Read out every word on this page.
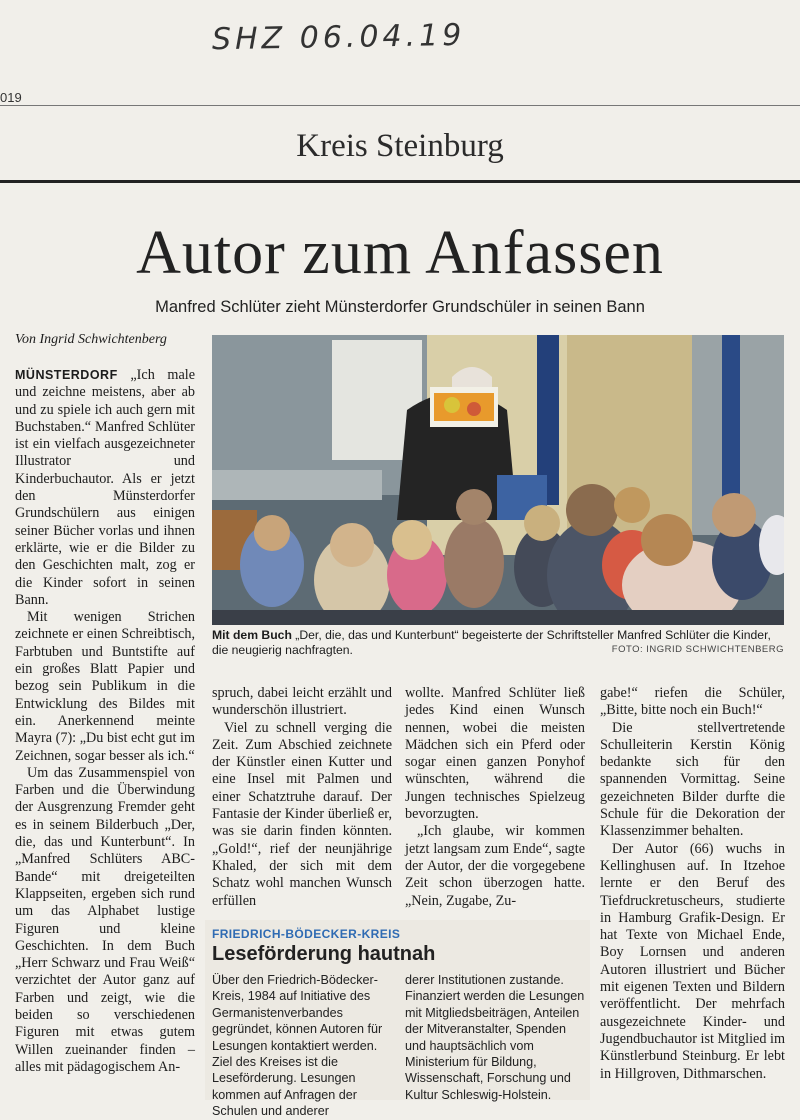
SHZ 06.04.19
019
Kreis Steinburg
Autor zum Anfassen
Manfred Schlüter zieht Münsterdorfer Grundschüler in seinen Bann
Von Ingrid Schwichtenberg

MÜNSTERDORF „Ich male und zeichne meistens, aber ab und zu spiele ich auch gern mit Buchstaben.“ Manfred Schlüter ist ein vielfach ausgezeichneter Illustrator und Kinderbuchautor. Als er jetzt den Münsterdorfer Grundschülern aus einigen seiner Bücher vorlas und ihnen erklärte, wie er die Bilder zu den Geschichten malt, zog er die Kinder sofort in seinen Bann.

Mit wenigen Strichen zeichnete er einen Schreibtisch, Farbtuben und Buntstifte auf ein großes Blatt Papier und bezog sein Publikum in die Entwicklung des Bildes mit ein. Anerkennend meinte Mayra (7): „Du bist echt gut im Zeichnen, sogar besser als ich.“

Um das Zusammenspiel von Farben und die Überwindung der Ausgrenzung Fremder geht es in seinem Bilderbuch „Der, die, das und Kunterbunt“. In „Manfred Schlüters ABC-Bande“ mit dreigeteilten Klappseiten, ergeben sich rund um das Alphabet lustige Figuren und kleine Geschichten. In dem Buch „Herr Schwarz und Frau Weiß“ verzichtet der Autor ganz auf Farben und zeigt, wie die beiden so verschiedenen Figuren mit etwas gutem Willen zueinander finden – alles mit pädagogischem An-

Mit dem Buch „Der, die, das und Kunterbunt“ begeisterte der Schriftsteller Manfred Schlüter die Kinder, die neugierig nachfragten.	FOTO: INGRID SCHWICHTENBERG

spruch, dabei leicht erzählt und wunderschön illustriert.

Viel zu schnell verging die Zeit. Zum Abschied zeichnete der Künstler einen Kutter und eine Insel mit Palmen und einer Schatztruhe darauf. Der Fantasie der Kinder überließ er, was sie darin finden könnten. „Gold!“, rief der neunjährige Khaled, der sich mit dem Schatz wohl manchen Wunsch erfüllen

wollte. Manfred Schlüter ließ jedes Kind einen Wunsch nennen, wobei die meisten Mädchen sich ein Pferd oder sogar einen ganzen Ponyhof wünschten, während die Jungen technisches Spielzeug bevorzugten.

„Ich glaube, wir kommen jetzt langsam zum Ende“, sagte der Autor, der die vorgegebene Zeit schon überzogen hatte. „Nein, Zugabe, Zu-

gabe!“ riefen die Schüler, „Bitte, bitte noch ein Buch!“

Die stellvertretende Schulleiterin Kerstin König bedankte sich für den spannenden Vormittag. Seine gezeichneten Bilder durfte die Schule für die Dekoration der Klassenzimmer behalten.

Der Autor (66) wuchs in Kellinghusen auf. In Itzehoe lernte er den Beruf des Tiefdruckretuscheurs, studierte in Hamburg Grafik-Design. Er hat Texte von Michael Ende, Boy Lornsen und anderen Autoren illustriert und Bücher mit eigenen Texten und Bildern veröffentlicht. Der mehrfach ausgezeichnete Kinder- und Jugendbuchautor ist Mitglied im Künstlerbund Steinburg. Er lebt in Hillgroven, Dithmarschen.

FRIEDRICH-BÖDECKER-KREIS
Leseförderung hautnah

Über den Friedrich-Bödecker-Kreis, 1984 auf Initiative des Germanistenverbandes gegründet, können Autoren für Lesungen kontaktiert werden. Ziel des Kreises ist die Leseförderung. Lesungen kommen auf Anfragen der Schulen und anderer

derer Institutionen zustande. Finanziert werden die Lesungen mit Mitgliedsbeiträgen, Anteilen der Mitveranstalter, Spenden und hauptsächlich vom Ministerium für Bildung, Wissenschaft, Forschung und Kultur Schleswig-Holstein.
